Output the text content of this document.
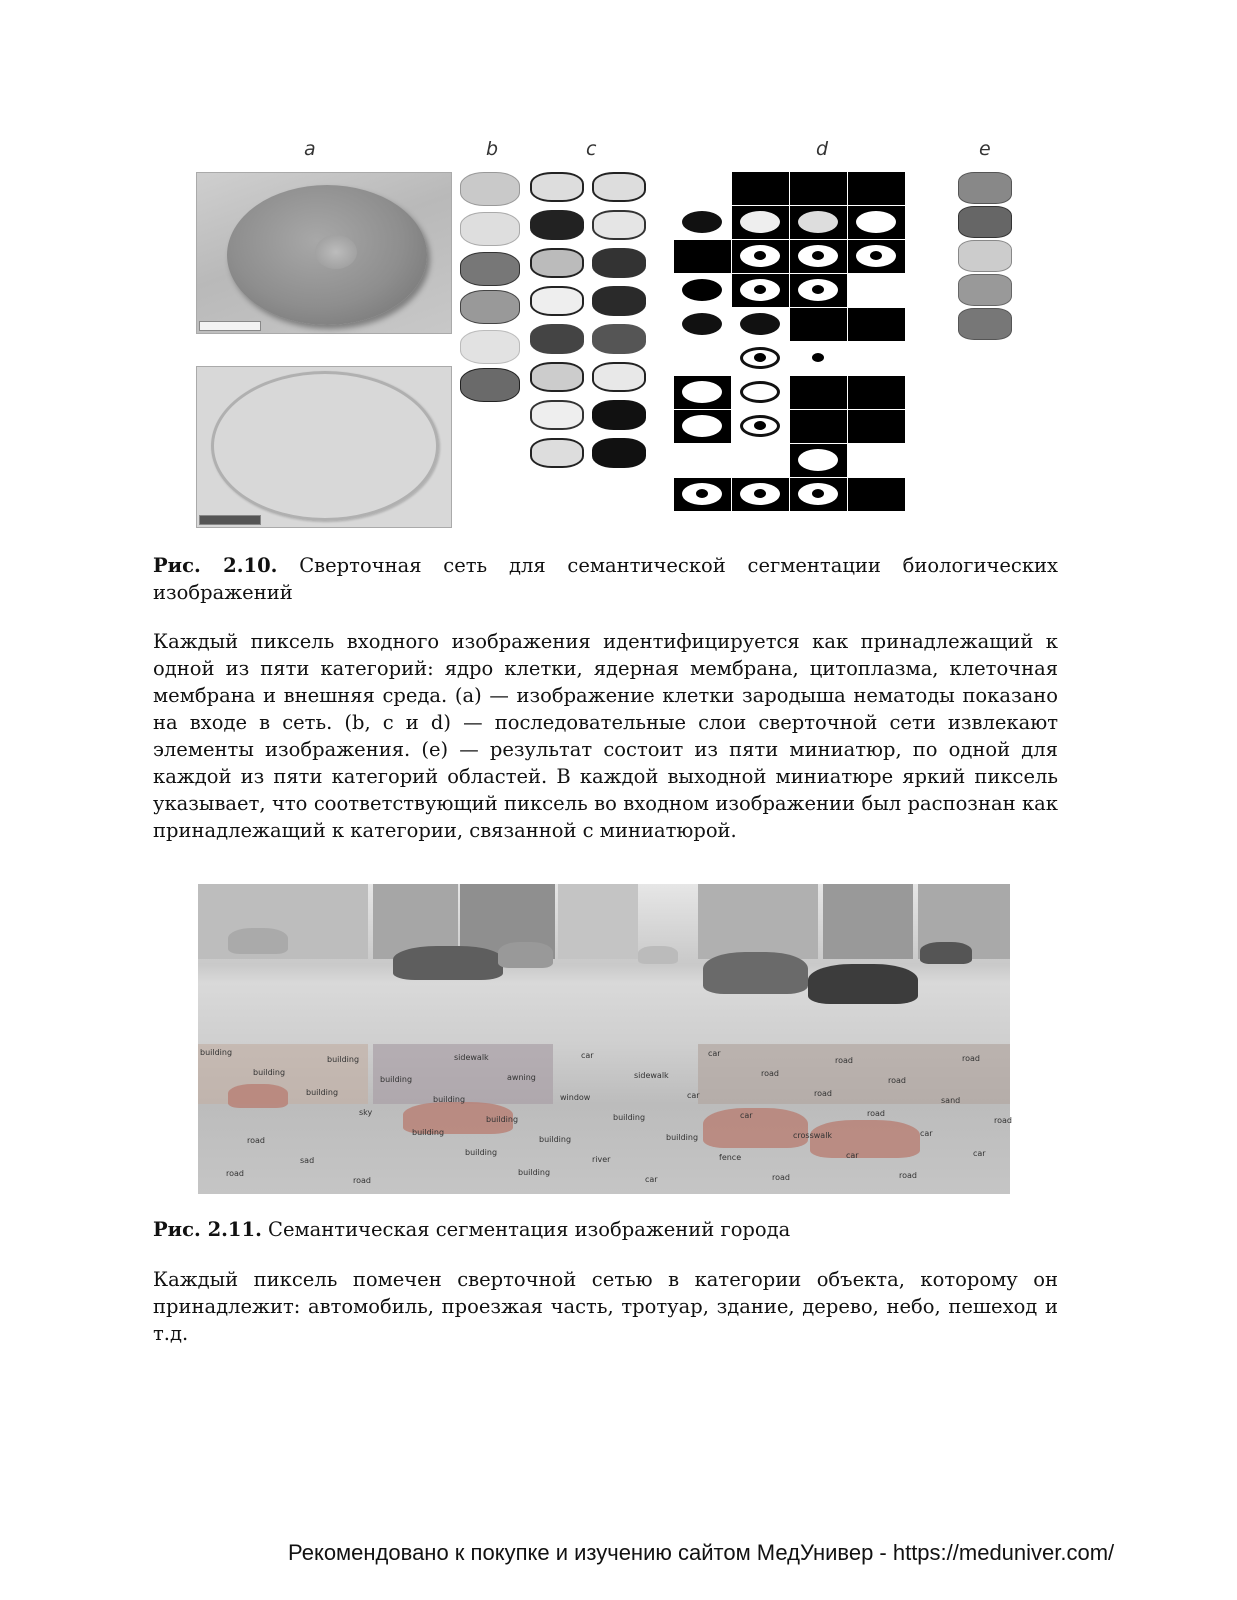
a	b	c	d	e

Рис. 2.10. Сверточная сеть для семантической сегментации биологических изображений

Каждый пиксель входного изображения идентифицируется как принадлежащий к одной из пяти категорий: ядро клетки, ядерная мембрана, цитоплазма, клеточная мембрана и внешняя среда. (a) — изображение клетки зародыша нематоды показано на входе в сеть. (b, c и d) — последовательные слои сверточной сети извлекают элементы изображения. (e) — результат состоит из пяти миниатюр, по одной для каждой из пяти категорий областей. В каждой выходной миниатюре яркий пиксель указывает, что соответствующий пиксель во входном изображении был распознан как принадлежащий к категории, связанной с миниатюрой.

building
building
building
sky
building
building
building
building
building
building
building
building
river
car
sidewalk
awning
window
building
building
fence
road
car
sidewalk
car
car
crosswalk
car
road
car
road
road
road
car
car
road
road
road
sand
road
road
sad
road
road

Рис. 2.11. Семантическая сегментация изображений города

Каждый пиксель помечен сверточной сетью в категории объекта, которому он принадлежит: автомобиль, проезжая часть, тротуар, здание, дерево, небо, пешеход и т.д.

Рекомендовано к покупке и изучению сайтом МедУнивер - https://meduniver.com/
